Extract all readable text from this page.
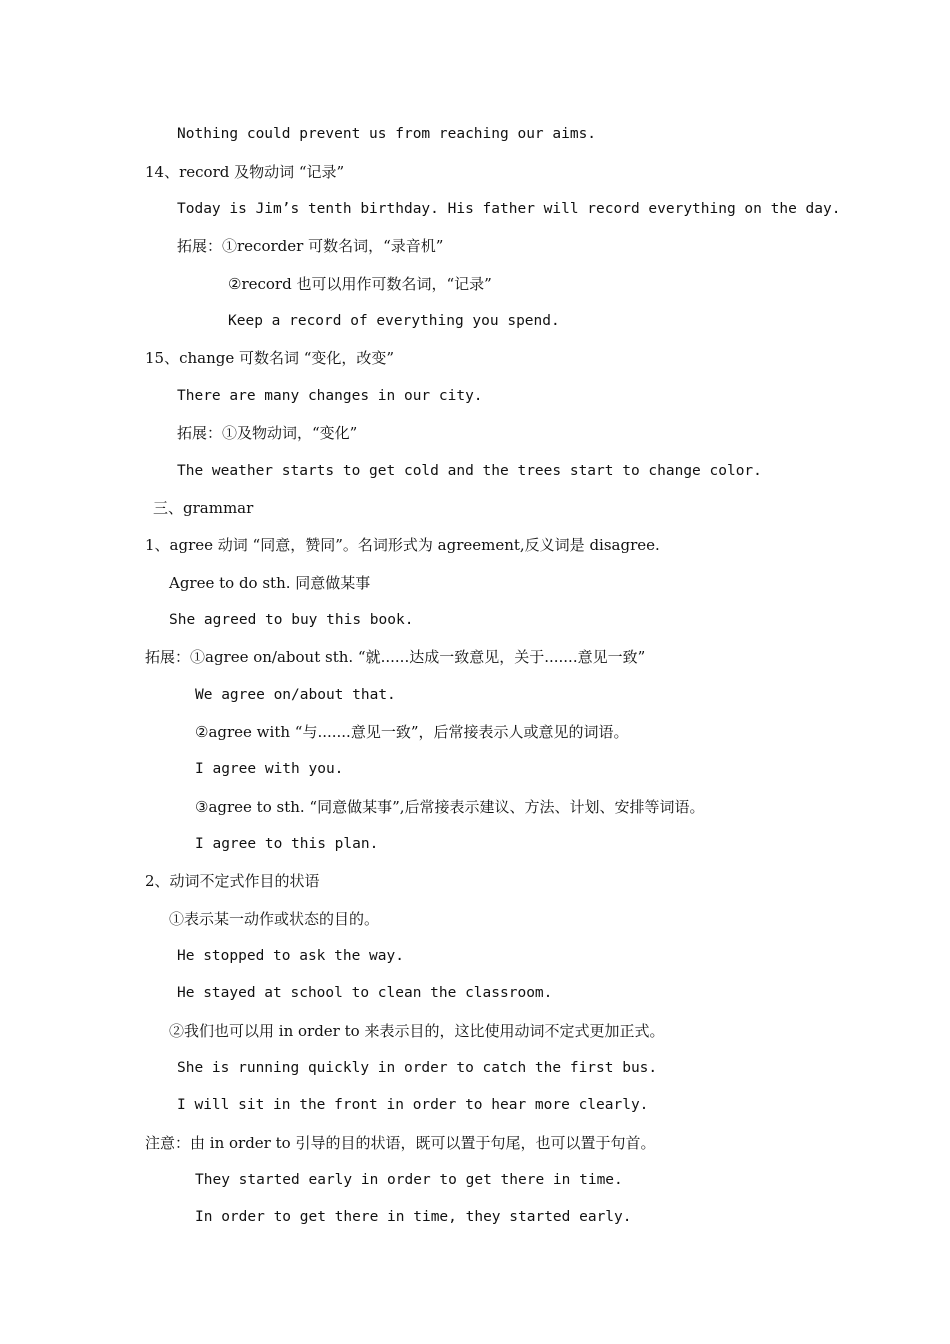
Nothing could prevent us from reaching our aims.
14、record 及物动词 “记录”
Today is Jim’s tenth birthday. His father will record everything on the day.
拓展：①recorder 可数名词，“录音机”
②record 也可以用作可数名词，“记录”
Keep a record of everything you spend.
15、change 可数名词 “变化，改变”
There are many changes in our city.
拓展：①及物动词，“变化”
The weather starts to get cold and the trees start to change color.
三、grammar
1、agree 动词 “同意，赞同”。名词形式为 agreement,反义词是 disagree.
Agree to do sth. 同意做某事
She agreed to buy this book.
拓展：①agree on/about sth. “就......达成一致意见，关于.......意见一致”
We agree on/about that.
②agree with “与.......意见一致”，后常接表示人或意见的词语。
I agree with you.
③agree to sth. “同意做某事”,后常接表示建议、方法、计划、安排等词语。
I agree to this plan.
2、动词不定式作目的状语
①表示某一动作或状态的目的。
He stopped to ask the way.
He stayed at school to clean the classroom.
②我们也可以用 in order to 来表示目的，这比使用动词不定式更加正式。
She is running quickly in order to catch the first bus.
I will sit in the front in order to hear more clearly.
注意：由 in order to 引导的目的状语，既可以置于句尾，也可以置于句首。
They started early in order to get there in time.
In order to get there in time, they started early.
